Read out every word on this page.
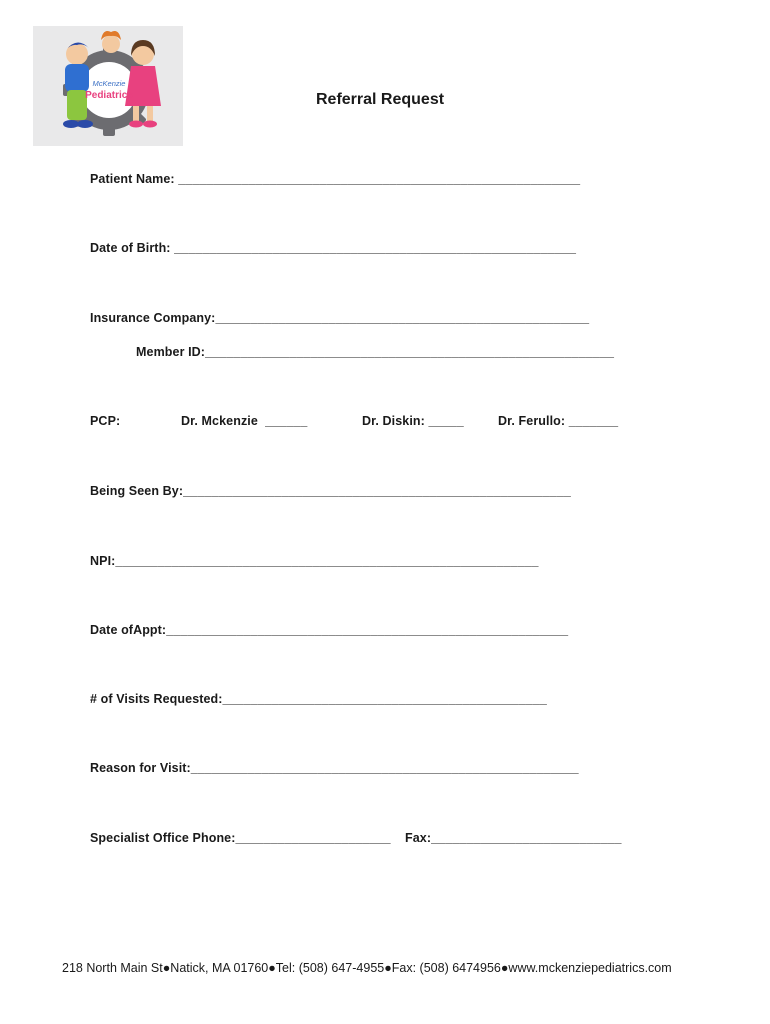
McKenzie
Pediatrics	Referral Request
Patient Name: _________________________________________________________
Date of Birth: _________________________________________________________
Insurance Company:_____________________________________________________
Member ID:__________________________________________________________
PCP:	Dr. Mckenzie  ______	Dr. Diskin: _____	Dr. Ferullo: _______
Being Seen By:_______________________________________________________
NPI:____________________________________________________________
Date ofAppt:_________________________________________________________
# of Visits Requested:______________________________________________
Reason for Visit:_______________________________________________________
Specialist Office Phone:______________________ Fax:___________________________
218 North Main St●Natick, MA 01760●Tel: (508) 647-4955●Fax: (508) 6474956●www.mckenziepediatrics.com
